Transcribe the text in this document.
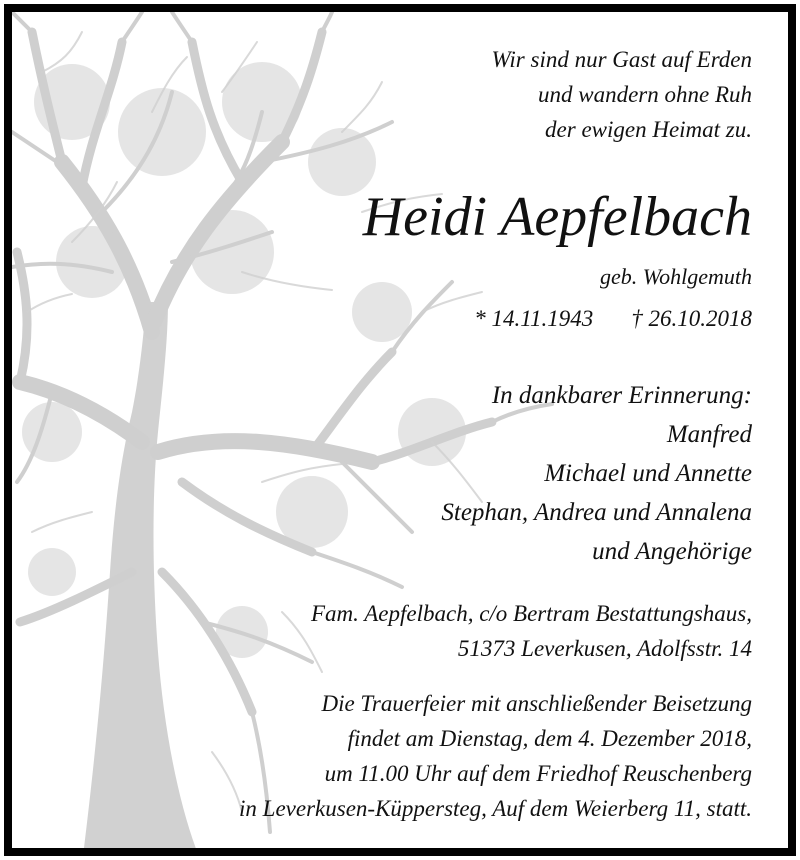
Wir sind nur Gast auf Erden
und wandern ohne Ruh
der ewigen Heimat zu.
Heidi Aepfelbach
geb. Wohlgemuth
* 14.11.1943 † 26.10.2018
In dankbarer Erinnerung:
Manfred
Michael und Annette
Stephan, Andrea und Annalena
und Angehörige
Fam. Aepfelbach, c/o Bertram Bestattungshaus,
51373 Leverkusen, Adolfsstr. 14
Die Trauerfeier mit anschließender Beisetzung
findet am Dienstag, dem 4. Dezember 2018,
um 11.00 Uhr auf dem Friedhof Reuschenberg
in Leverkusen-Küppersteg, Auf dem Weierberg 11, statt.
